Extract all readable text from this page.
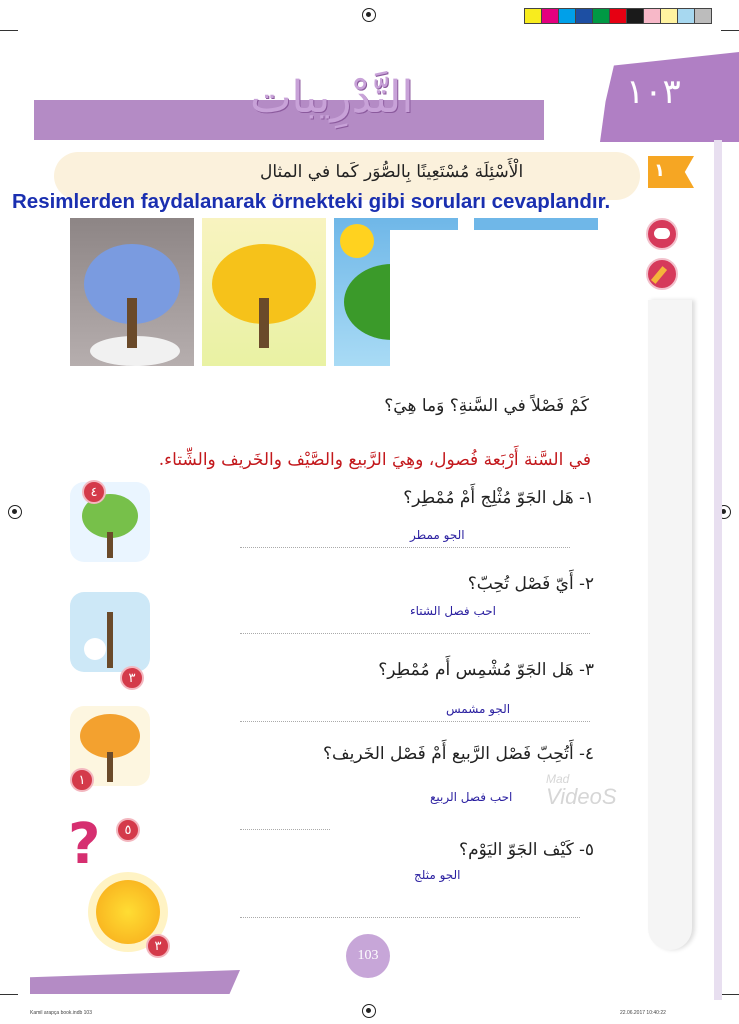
التَّدْرِيبات	١٠٣
الْأَسْئِلَة مُسْتَعِينًا بِالصُّوَر كَما في المثال
Resimlerden faydalanarak örnekteki gibi soruları cevaplandır.
١
كَمْ فَصْلاً في السَّنةِ؟ وَما هِيَ؟
في السَّنة أَرْبَعة فُصول، وهِيَ الرَّبيع والصَّيْف والخَريف والشِّتاء.
١- هَل الجَوّ مُثْلِج أَمْ مُمْطِر؟
الجو ممطر
٢- أَيّ فَصْل تُحِبّ؟
احب فصل الشتاء
٣- هَل الجَوّ مُشْمِس أَم مُمْطِر؟
الجو مشمس
٤- أَتُحِبّ فَصْل الرَّبيع أَمْ فَصْل الخَريف؟
احب فصل الربيع
٥- كَيْف الجَوّ اليَوْم؟
الجو مثلج
٤
٣
١
?	٥
٣
Mad
VideoS
103
Kamil arapça book.indb 103	22.06.2017 10:40:22
